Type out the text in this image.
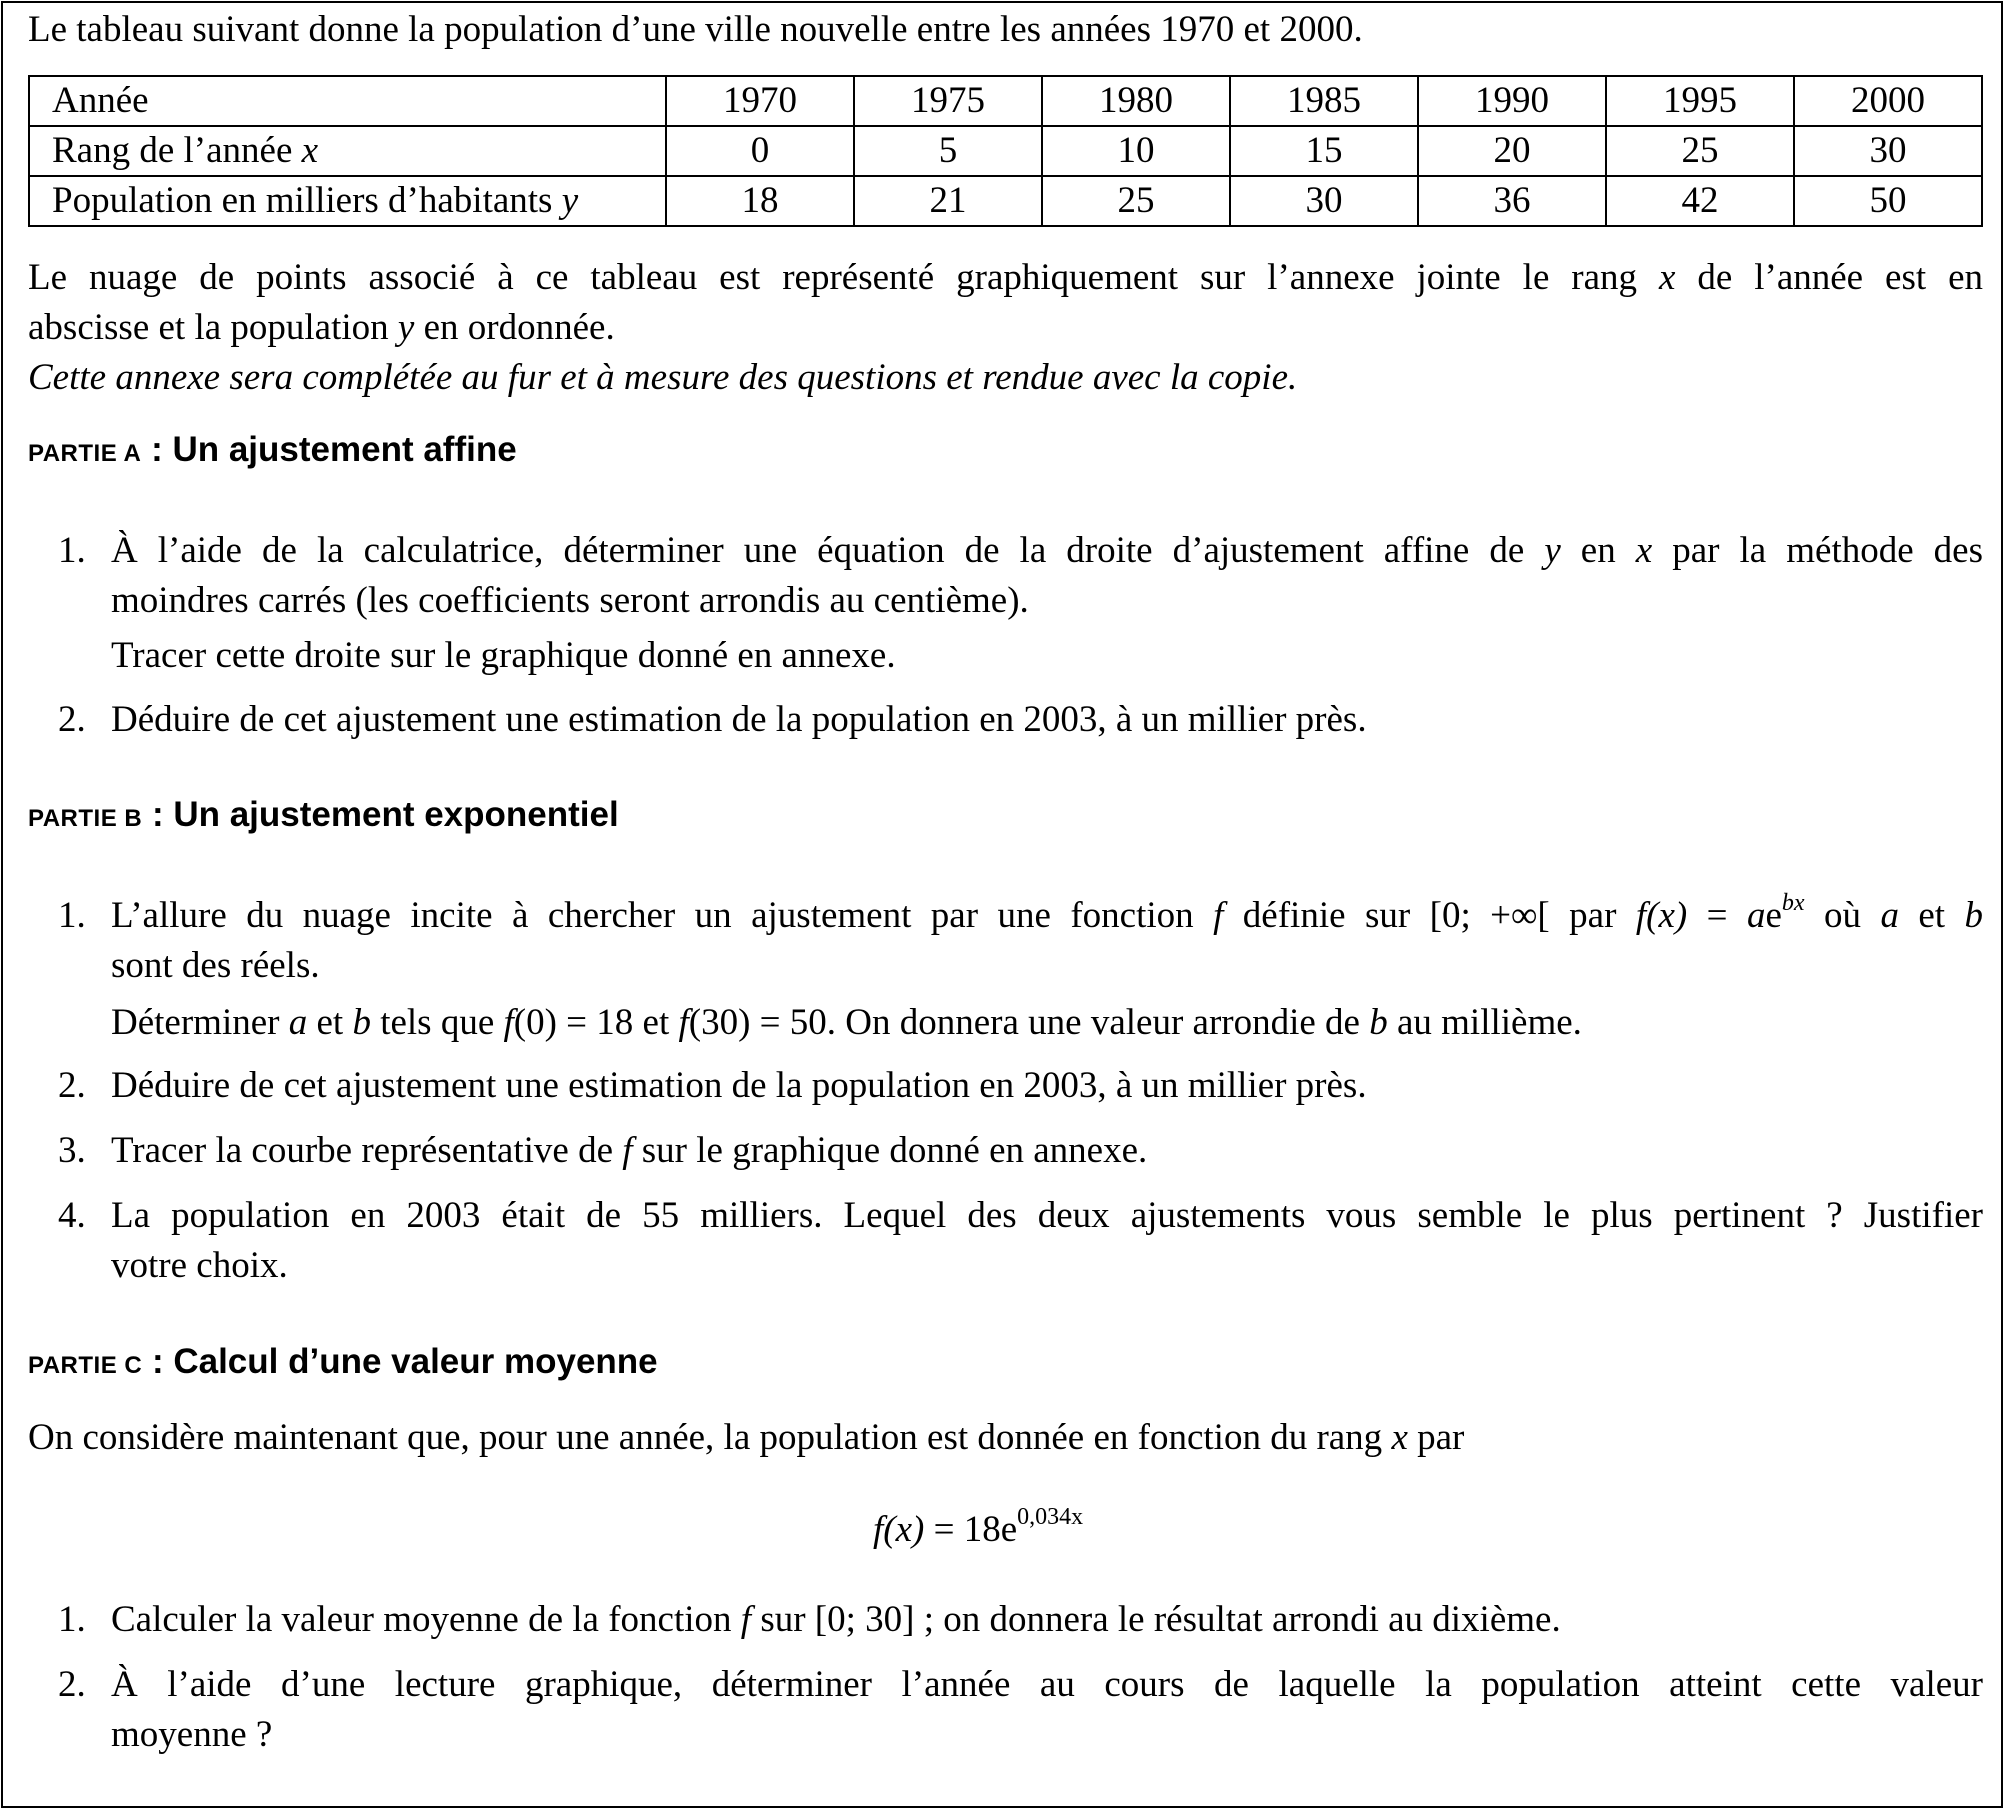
Le tableau suivant donne la population d’une ville nouvelle entre les années 1970 et 2000.
Année	1970	1975	1980	1985	1990	1995	2000
Rang de l’année x	0	5	10	15	20	25	30
Population en milliers d’habitants y	18	21	25	30	36	42	50
Le nuage de points associé à ce tableau est représenté graphiquement sur l’annexe jointe le rang x de l’année est en
abscisse et la population y en ordonnée.
Cette annexe sera complétée au fur et à mesure des questions et rendue avec la copie.
PARTIE A : Un ajustement affine
1. À l’aide de la calculatrice, déterminer une équation de la droite d’ajustement affine de y en x par la méthode des
moindres carrés (les coefficients seront arrondis au centième).
Tracer cette droite sur le graphique donné en annexe.
2. Déduire de cet ajustement une estimation de la population en 2003, à un millier près.
PARTIE B : Un ajustement exponentiel
1. L’allure du nuage incite à chercher un ajustement par une fonction f définie sur [0; +∞[ par $f(x) = ae^{bx}$ où a et b
sont des réels.
Déterminer a et b tels que f(0) = 18 et f(30) = 50. On donnera une valeur arrondie de b au millième.
2. Déduire de cet ajustement une estimation de la population en 2003, à un millier près.
3. Tracer la courbe représentative de f sur le graphique donné en annexe.
4. La population en 2003 était de 55 milliers. Lequel des deux ajustements vous semble le plus pertinent ? Justifier
votre choix.
PARTIE C : Calcul d’une valeur moyenne
On considère maintenant que, pour une année, la population est donnée en fonction du rang x par
$f(x) = 18e^{0,034x}$
1. Calculer la valeur moyenne de la fonction f sur [0; 30] ; on donnera le résultat arrondi au dixième.
2. À l’aide d’une lecture graphique, déterminer l’année au cours de laquelle la population atteint cette valeur
moyenne ?
